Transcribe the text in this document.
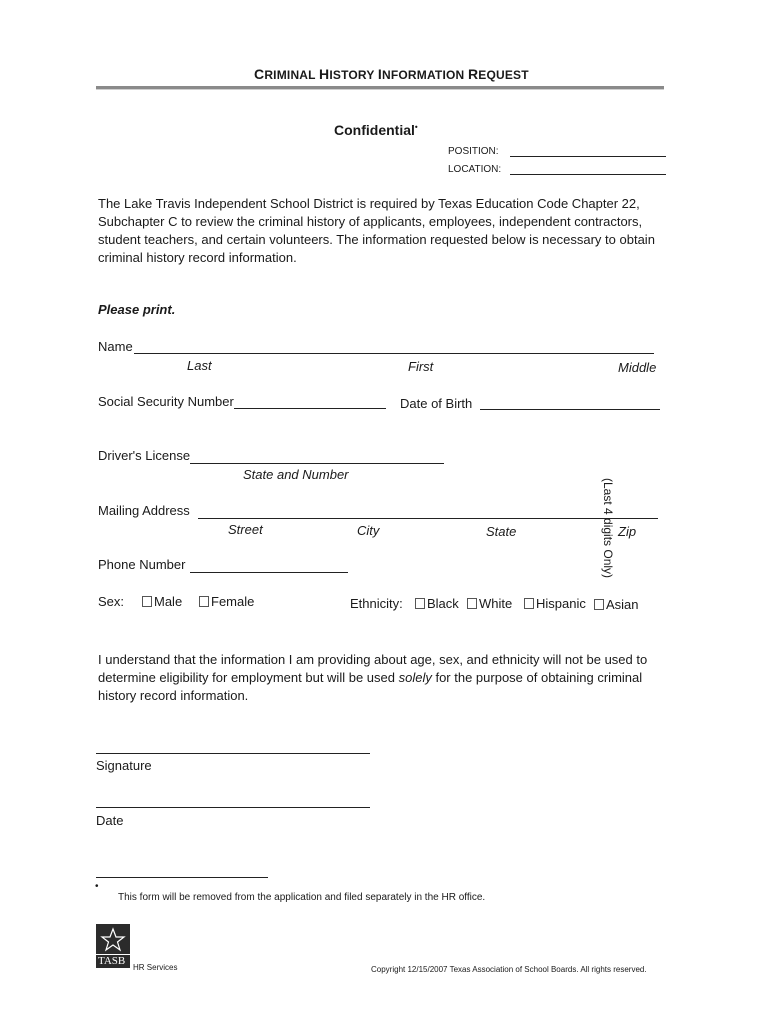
CRIMINAL HISTORY INFORMATION REQUEST
Confidential•
POSITION:
LOCATION:
The Lake Travis Independent School District is required by Texas Education Code Chapter 22, Subchapter C to review the criminal history of applicants, employees, independent contractors, student teachers, and certain volunteers. The information requested below is necessary to obtain criminal history record information.
Please print.
Name
Last	First	Middle
Social Security Number	Date of Birth
Driver's License
State and Number
Mailing Address
Street	City	State	Zip
(Last 4 digits Only)
Phone Number
Sex:	Male	Female	Ethnicity:	Black	White	Hispanic	Asian
I understand that the information I am providing about age, sex, and ethnicity will not be used to determine eligibility for employment but will be used solely for the purpose of obtaining criminal history record information.
Signature
Date
•
This form will be removed from the application and filed separately in the HR office.
TASB
HR Services	Copyright 12/15/2007 Texas Association of School Boards. All rights reserved.
